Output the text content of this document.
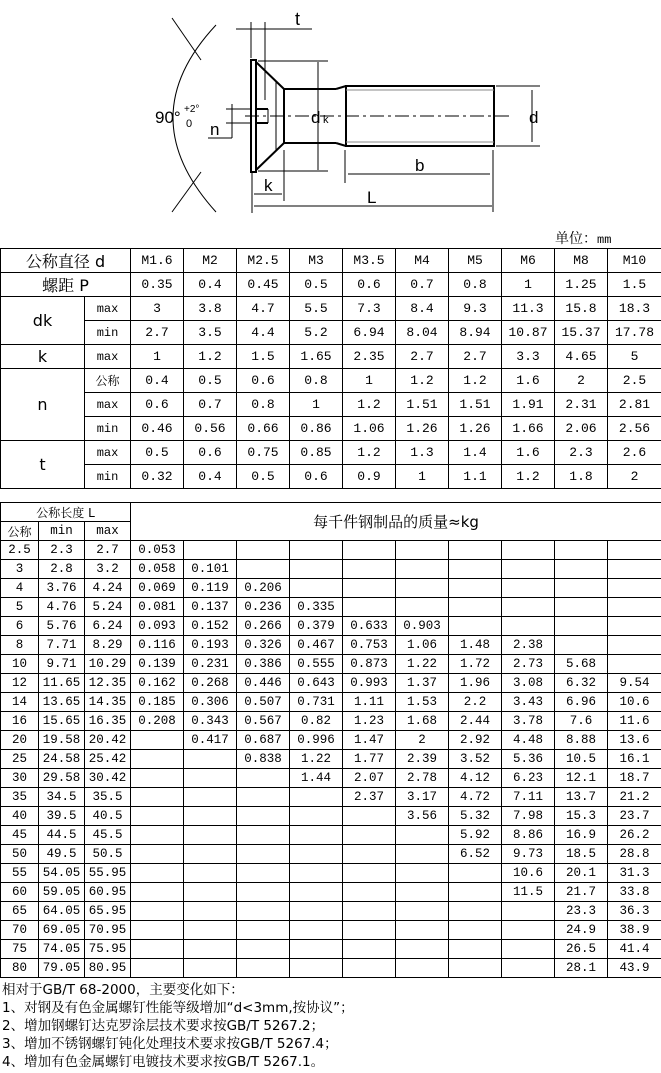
t
90° +2°
0 n
d k	d
b
k
L
单位：mm
公称直径 d		M1.6	M2	M2.5	M3	M3.5	M4	M5	M6	M8	M10
螺距 P		0.35	0.4	0.45	0.5	0.6	0.7	0.8	1	1.25	1.5
dk	max	3	3.8	4.7	5.5	7.3	8.4	9.3	11.3	15.8	18.3
	min	2.7	3.5	4.4	5.2	6.94	8.04	8.94	10.87	15.37	17.78
k	max	1	1.2	1.5	1.65	2.35	2.7	2.7	3.3	4.65	5
n	公称	0.4	0.5	0.6	0.8	1	1.2	1.2	1.6	2	2.5
	max	0.6	0.7	0.8	1	1.2	1.51	1.51	1.91	2.31	2.81
	min	0.46	0.56	0.66	0.86	1.06	1.26	1.26	1.66	2.06	2.56
t	max	0.5	0.6	0.75	0.85	1.2	1.3	1.4	1.6	2.3	2.6
	min	0.32	0.4	0.5	0.6	0.9	1	1.1	1.2	1.8	2
公称长度 L			每千件钢制品的质量≈kg									
公称	min	max										
2.5	2.3	2.7	0.053									
3	2.8	3.2	0.058	0.101								
4	3.76	4.24	0.069	0.119	0.206							
5	4.76	5.24	0.081	0.137	0.236	0.335						
6	5.76	6.24	0.093	0.152	0.266	0.379	0.633	0.903				
8	7.71	8.29	0.116	0.193	0.326	0.467	0.753	1.06	1.48	2.38		
10	9.71	10.29	0.139	0.231	0.386	0.555	0.873	1.22	1.72	2.73	5.68	
12	11.65	12.35	0.162	0.268	0.446	0.643	0.993	1.37	1.96	3.08	6.32	9.54
14	13.65	14.35	0.185	0.306	0.507	0.731	1.11	1.53	2.2	3.43	6.96	10.6
16	15.65	16.35	0.208	0.343	0.567	0.82	1.23	1.68	2.44	3.78	7.6	11.6
20	19.58	20.42		0.417	0.687	0.996	1.47	2	2.92	4.48	8.88	13.6
25	24.58	25.42			0.838	1.22	1.77	2.39	3.52	5.36	10.5	16.1
30	29.58	30.42				1.44	2.07	2.78	4.12	6.23	12.1	18.7
35	34.5	35.5					2.37	3.17	4.72	7.11	13.7	21.2
40	39.5	40.5						3.56	5.32	7.98	15.3	23.7
45	44.5	45.5							5.92	8.86	16.9	26.2
50	49.5	50.5							6.52	9.73	18.5	28.8
55	54.05	55.95								10.6	20.1	31.3
60	59.05	60.95								11.5	21.7	33.8
65	64.05	65.95									23.3	36.3
70	69.05	70.95									24.9	38.9
75	74.05	75.95									26.5	41.4
80	79.05	80.95									28.1	43.9
相对于GB/T 68-2000，主要变化如下：
1、对钢及有色金属螺钉性能等级增加“d<3mm,按协议”；
2、增加钢螺钉达克罗涂层技术要求按GB/T 5267.2；
3、增加不锈钢螺钉钝化处理技术要求按GB/T 5267.4；
4、增加有色金属螺钉电镀技术要求按GB/T 5267.1。
